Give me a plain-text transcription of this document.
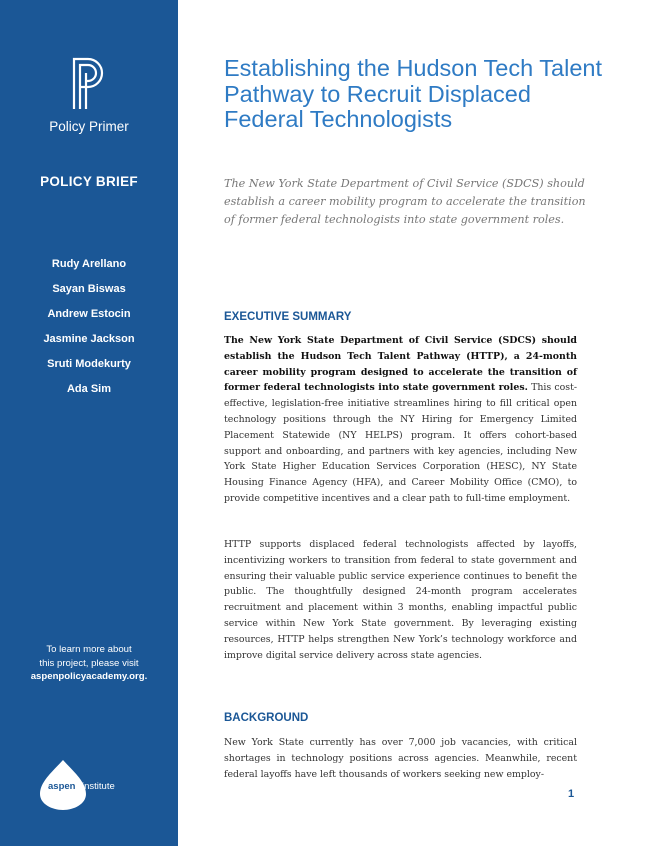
Policy Primer
POLICY BRIEF
Rudy Arellano
Sayan Biswas
Andrew Estocin
Jasmine Jackson
Sruti Modekurty
Ada Sim
To learn more about
this project, please visit
aspenpolicyacademy.org.
aspen institute
Establishing the Hudson Tech Talent Pathway to Recruit Displaced Federal Technologists

The New York State Department of Civil Service (SDCS) should establish a career mobility program to accelerate the transition of former federal technologists into state government roles.

EXECUTIVE SUMMARY

The New York State Department of Civil Service (SDCS) should establish the Hudson Tech Talent Pathway (HTTP), a 24-month career mobility program designed to accelerate the transition of former federal technologists into state government roles. This cost-effective, legislation-free initiative streamlines hiring to fill critical open technology positions through the NY Hiring for Emergency Limited Placement Statewide (NY HELPS) program. It offers cohort-based support and onboarding, and partners with key agencies, including New York State Higher Education Services Corporation (HESC), NY State Housing Finance Agency (HFA), and Career Mobility Office (CMO), to provide competitive incentives and a clear path to full-time employment.

HTTP supports displaced federal technologists affected by layoffs, incentivizing workers to transition from federal to state government and ensuring their valuable public service experience continues to benefit the public. The thoughtfully designed 24-month program accelerates recruitment and placement within 3 months, enabling impactful public service within New York State government. By leveraging existing resources, HTTP helps strengthen New York’s technology workforce and improve digital service delivery across state agencies.

BACKGROUND

New York State currently has over 7,000 job vacancies, with critical shortages in technology positions across agencies. Meanwhile, recent federal layoffs have left thousands of workers seeking new employ-

1
